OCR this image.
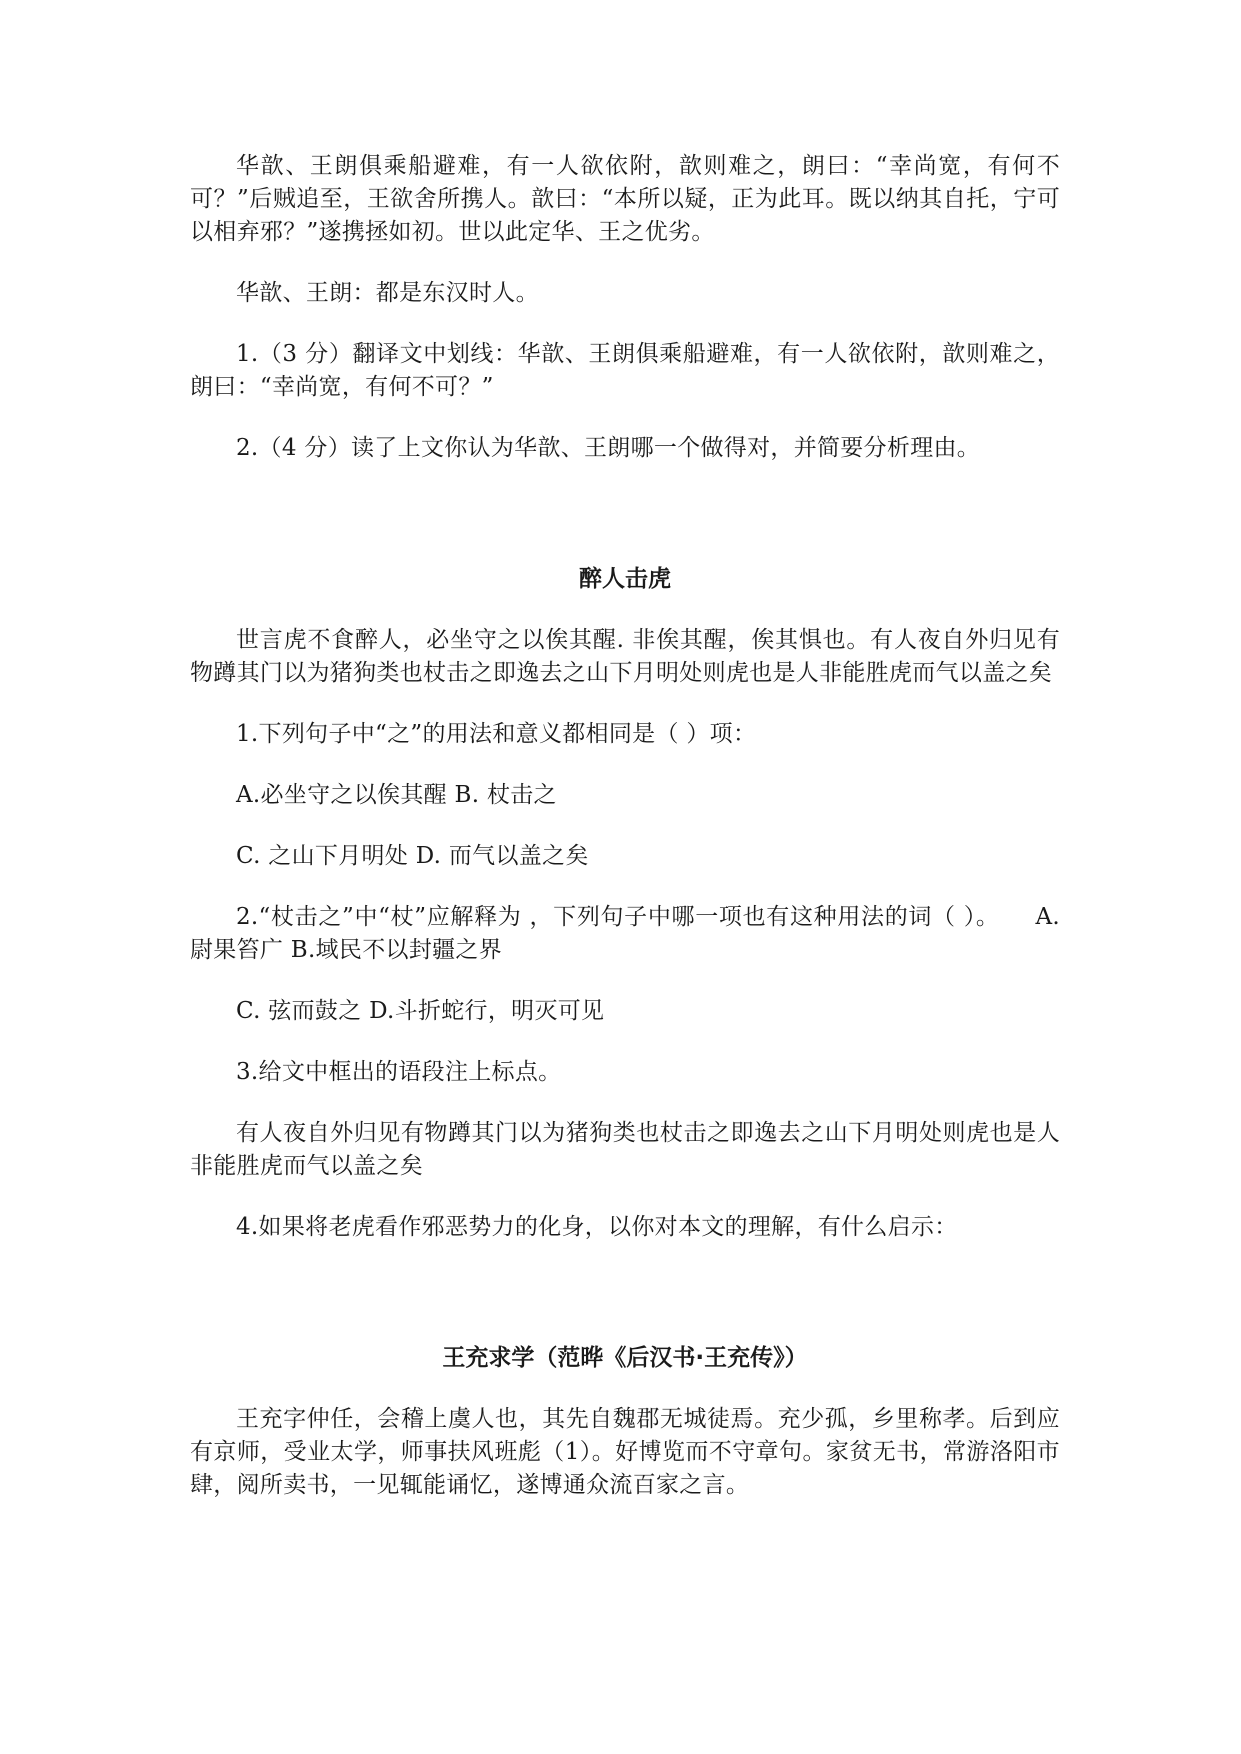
华歆、王朗俱乘船避难，有一人欲依附，歆则难之，朗曰：“幸尚宽，有何不可？”后贼追至，王欲舍所携人。歆曰：“本所以疑，正为此耳。既以纳其自托，宁可以相弃邪？”遂携拯如初。世以此定华、王之优劣。

华歆、王朗：都是东汉时人。

1.（3 分）翻译文中划线：华歆、王朗俱乘船避难，有一人欲依附，歆则难之，朗曰：“幸尚宽，有何不可？”

2.（4 分）读了上文你认为华歆、王朗哪一个做得对，并简要分析理由。

醉人击虎

世言虎不食醉人，必坐守之以俟其醒. 非俟其醒，俟其惧也。有人夜自外归见有物蹲其门以为猪狗类也杖击之即逸去之山下月明处则虎也是人非能胜虎而气以盖之矣

1.下列句子中“之”的用法和意义都相同是（ ）项：

A.必坐守之以俟其醒 B. 杖击之

C. 之山下月明处 D. 而气以盖之矣

2.“杖击之”中“杖”应解释为 ，下列句子中哪一项也有这种用法的词（ ）。　　A.尉果笞广 B.域民不以封疆之界

C. 弦而鼓之 D.斗折蛇行，明灭可见

3.给文中框出的语段注上标点。

有人夜自外归见有物蹲其门以为猪狗类也杖击之即逸去之山下月明处则虎也是人非能胜虎而气以盖之矣

4.如果将老虎看作邪恶势力的化身，以你对本文的理解，有什么启示：

王充求学（范晔《后汉书·王充传》）

王充字仲任，会稽上虞人也，其先自魏郡无城徒焉。充少孤，乡里称孝。后到应有京师，受业太学，师事扶风班彪（1）。好博览而不守章句。家贫无书，常游洛阳市肆，阅所卖书，一见辄能诵忆，遂博通众流百家之言。
